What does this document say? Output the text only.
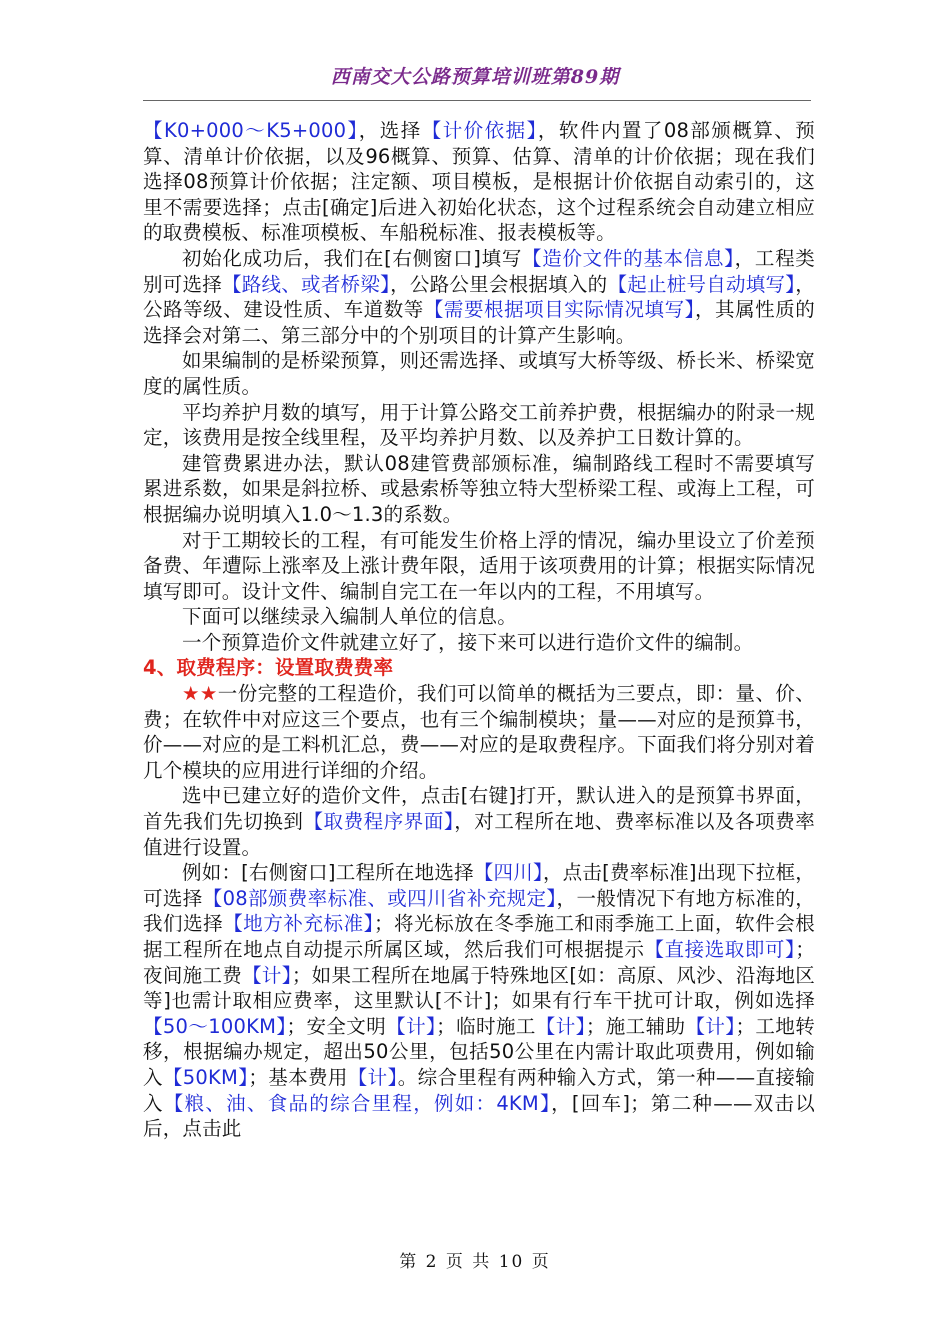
西南交大公路预算培训班第89期

【K0+000～K5+000】，选择【计价依据】，软件内置了08部颁概算、预算、清单计价依据，以及96概算、预算、估算、清单的计价依据；现在我们选择08预算计价依据；注定额、项目模板，是根据计价依据自动索引的，这里不需要选择；点击[确定]后进入初始化状态，这个过程系统会自动建立相应的取费模板、标准项模板、车船税标准、报表模板等。

初始化成功后，我们在[右侧窗口]填写【造价文件的基本信息】，工程类别可选择【路线、或者桥梁】，公路公里会根据填入的【起止桩号自动填写】，公路等级、建设性质、车道数等【需要根据项目实际情况填写】，其属性质的选择会对第二、第三部分中的个别项目的计算产生影响。

如果编制的是桥梁预算，则还需选择、或填写大桥等级、桥长米、桥梁宽度的属性质。

平均养护月数的填写，用于计算公路交工前养护费，根据编办的附录一规定，该费用是按全线里程，及平均养护月数、以及养护工日数计算的。

建管费累进办法，默认08建管费部颁标准，编制路线工程时不需要填写累进系数，如果是斜拉桥、或悬索桥等独立特大型桥梁工程、或海上工程，可根据编办说明填入1.0～1.3的系数。

对于工期较长的工程，有可能发生价格上浮的情况，编办里设立了价差预备费、年遭际上涨率及上涨计费年限，适用于该项费用的计算；根据实际情况填写即可。设计文件、编制自完工在一年以内的工程，不用填写。

下面可以继续录入编制人单位的信息。

一个预算造价文件就建立好了，接下来可以进行造价文件的编制。

4、取费程序：设置取费费率

★★一份完整的工程造价，我们可以简单的概括为三要点，即：量、价、费；在软件中对应这三个要点，也有三个编制模块；量——对应的是预算书，价——对应的是工料机汇总，费——对应的是取费程序。下面我们将分别对着几个模块的应用进行详细的介绍。

选中已建立好的造价文件，点击[右键]打开，默认进入的是预算书界面，首先我们先切换到【取费程序界面】，对工程所在地、费率标准以及各项费率值进行设置。

例如：[右侧窗口]工程所在地选择【四川】，点击[费率标准]出现下拉框，可选择【08部颁费率标准、或四川省补充规定】，一般情况下有地方标准的，我们选择【地方补充标准】；将光标放在冬季施工和雨季施工上面，软件会根据工程所在地点自动提示所属区域，然后我们可根据提示【直接选取即可】；夜间施工费【计】；如果工程所在地属于特殊地区[如：高原、风沙、沿海地区等]也需计取相应费率，这里默认[不计]；如果有行车干扰可计取，例如选择【50～100KM】；安全文明【计】；临时施工【计】；施工辅助【计】；工地转移，根据编办规定，超出50公里，包括50公里在内需计取此项费用，例如输入【50KM】；基本费用【计】。综合里程有两种输入方式，第一种——直接输入【粮、油、食品的综合里程，例如：4KM】，[回车]；第二种——双击以后，点击此

第 2 页 共 10 页
